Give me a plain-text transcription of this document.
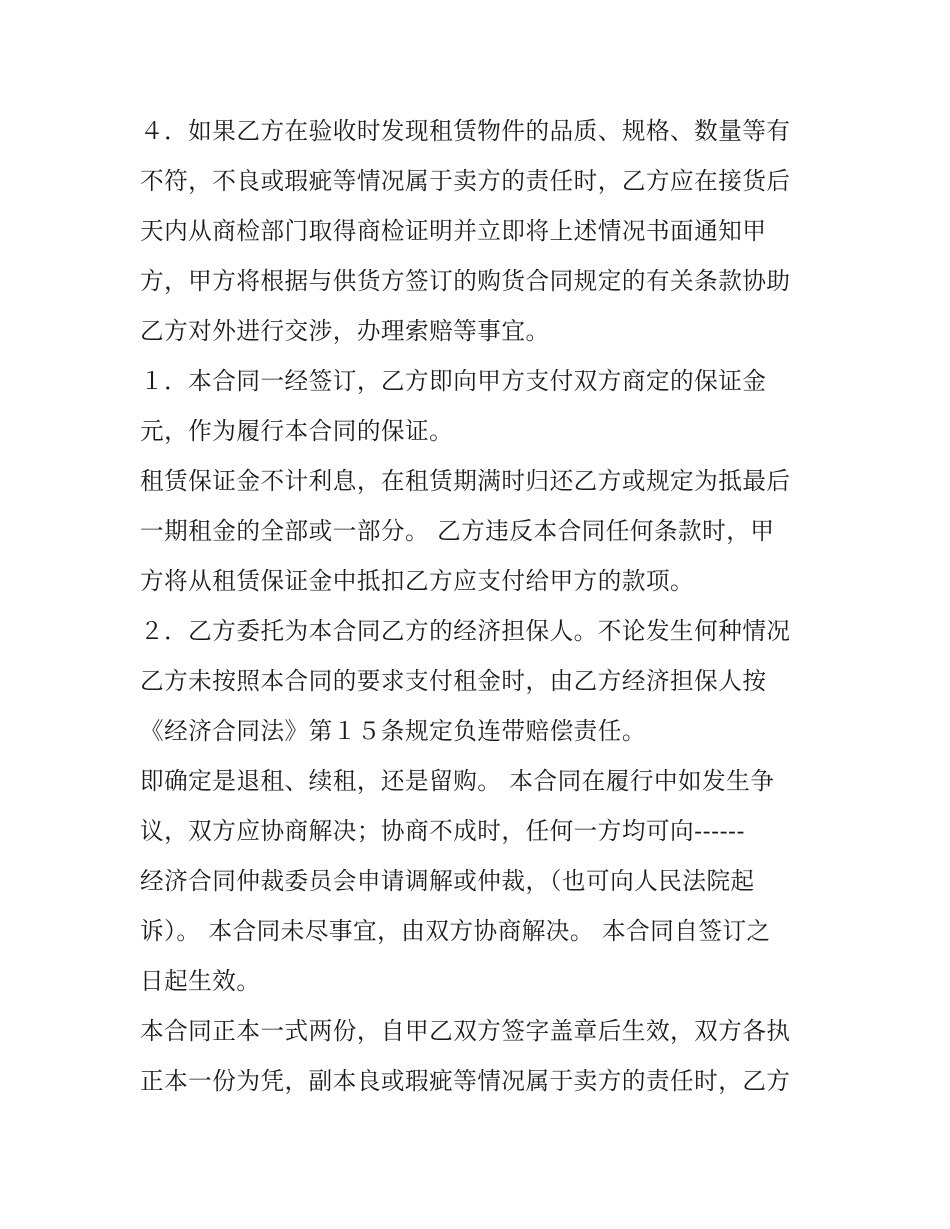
４．如果乙方在验收时发现租赁物件的品质、规格、数量等有
不符，不良或瑕疵等情况属于卖方的责任时，乙方应在接货后
天内从商检部门取得商检证明并立即将上述情况书面通知甲
方，甲方将根据与供货方签订的购货合同规定的有关条款协助
乙方对外进行交涉，办理索赔等事宜。
１．本合同一经签订，乙方即向甲方支付双方商定的保证金
元，作为履行本合同的保证。
租赁保证金不计利息，在租赁期满时归还乙方或规定为抵最后
一期租金的全部或一部分。 乙方违反本合同任何条款时，甲
方将从租赁保证金中抵扣乙方应支付给甲方的款项。
２．乙方委托为本合同乙方的经济担保人。不论发生何种情况
乙方未按照本合同的要求支付租金时，由乙方经济担保人按
《经济合同法》第１５条规定负连带赔偿责任。
即确定是退租、续租，还是留购。 本合同在履行中如发生争
议，双方应协商解决；协商不成时，任何一方均可向------
经济合同仲裁委员会申请调解或仲裁，（也可向人民法院起
诉）。 本合同未尽事宜，由双方协商解决。 本合同自签订之
日起生效。
本合同正本一式两份，自甲乙双方签字盖章后生效，双方各执
正本一份为凭，副本良或瑕疵等情况属于卖方的责任时，乙方
